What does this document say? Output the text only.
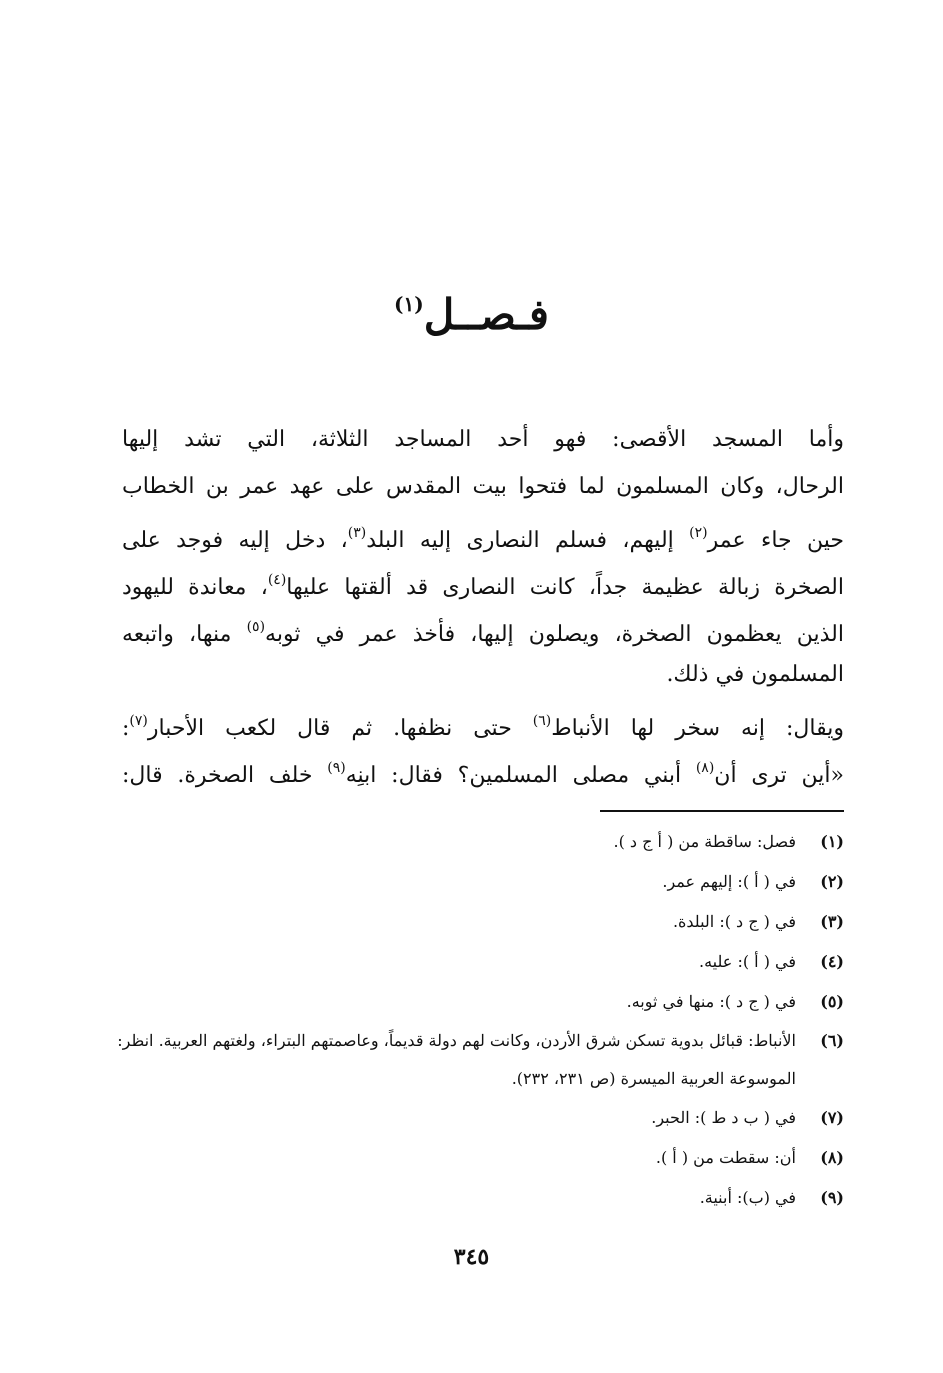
فـصــل$^{(١)}$
وأما المسجد الأقصى: فهو أحد المساجد الثلاثة، التي تشد إليها
الرحال، وكان المسلمون لما فتحوا بيت المقدس على عهد عمر بن الخطاب
حين جاء عمر$^{(٢)}$ إليهم، فسلم النصارى إليه البلد$^{(٣)}$، دخل إليه فوجد على
الصخرة زبالة عظيمة جداً، كانت النصارى قد ألقتها عليها$^{(٤)}$، معاندة لليهود
الذين يعظمون الصخرة، ويصلون إليها، فأخذ عمر في ثوبه$^{(٥)}$ منها، واتبعه
المسلمون في ذلك.
ويقال: إنه سخر لها الأنباط$^{(٦)}$ حتى نظفها. ثم قال لكعب الأحبار$^{(٧)}$:
«أين ترى أن$^{(٨)}$ أبني مصلى المسلمين؟ فقال: ابنِه$^{(٩)}$ خلف الصخرة. قال:
(١)
فصل: ساقطة من ( أ ج د ).
(٢)
في ( أ ): إليهم عمر.
(٣)
في ( ج د ): البلدة.
(٤)
في ( أ ): عليه.
(٥)
في ( ج د ): منها في ثوبه.
(٦)
الأنباط: قبائل بدوية تسكن شرق الأردن، وكانت لهم دولة قديماً، وعاصمتهم البتراء، ولغتهم العربية. انظر: الموسوعة العربية الميسرة (ص ٢٣١، ٢٣٢).
(٧)
في ( ب د ط ): الحبر.
(٨)
أن: سقطت من ( أ ).
(٩)
في (ب): أبنية.
٣٤٥
